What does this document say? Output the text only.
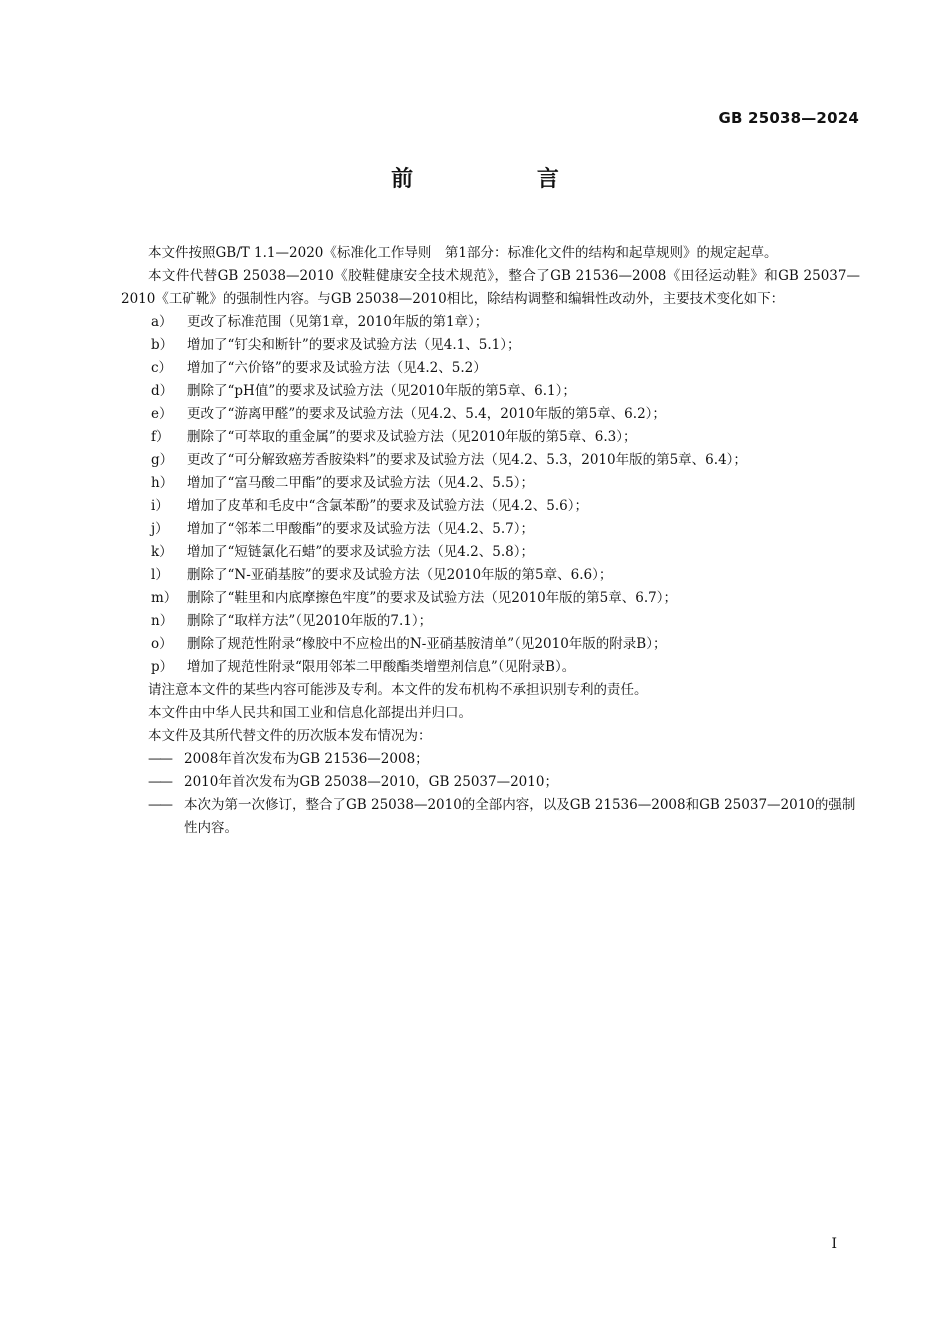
GB 25038—2024
前 言
本文件按照GB/T 1.1—2020《标准化工作导则　第1部分：标准化文件的结构和起草规则》的规定起草。
本文件代替GB 25038—2010《胶鞋健康安全技术规范》，整合了GB 21536—2008《田径运动鞋》和GB 25037—2010《工矿靴》的强制性内容。与GB 25038—2010相比，除结构调整和编辑性改动外，主要技术变化如下：
a）	更改了标准范围（见第1章，2010年版的第1章）；
b）	增加了“钉尖和断针”的要求及试验方法（见4.1、5.1）；
c）	增加了“六价铬”的要求及试验方法（见4.2、5.2）
d）	删除了“pH值”的要求及试验方法（见2010年版的第5章、6.1）；
e）	更改了“游离甲醛”的要求及试验方法（见4.2、5.4，2010年版的第5章、6.2）；
f）	删除了“可萃取的重金属”的要求及试验方法（见2010年版的第5章、6.3）；
g）	更改了“可分解致癌芳香胺染料”的要求及试验方法（见4.2、5.3，2010年版的第5章、6.4）；
h）	增加了“富马酸二甲酯”的要求及试验方法（见4.2、5.5）；
i）	增加了皮革和毛皮中“含氯苯酚”的要求及试验方法（见4.2、5.6）；
j）	增加了“邻苯二甲酸酯”的要求及试验方法（见4.2、5.7）；
k）	增加了“短链氯化石蜡”的要求及试验方法（见4.2、5.8）；
l）	删除了“N-亚硝基胺”的要求及试验方法（见2010年版的第5章、6.6）；
m） 删除了“鞋里和内底摩擦色牢度”的要求及试验方法（见2010年版的第5章、6.7）；
n）	删除了“取样方法”（见2010年版的7.1）；
o）	删除了规范性附录“橡胶中不应检出的N-亚硝基胺清单”（见2010年版的附录B）；
p）	增加了规范性附录“限用邻苯二甲酸酯类增塑剂信息”（见附录B）。
请注意本文件的某些内容可能涉及专利。本文件的发布机构不承担识别专利的责任。
本文件由中华人民共和国工业和信息化部提出并归口。
本文件及其所代替文件的历次版本发布情况为：
—— 2008年首次发布为GB 21536—2008；
—— 2010年首次发布为GB 25038—2010，GB 25037—2010；
—— 本次为第一次修订，整合了GB 25038—2010的全部内容，以及GB 21536—2008和GB 25037—2010的强制性内容。
Ⅰ
